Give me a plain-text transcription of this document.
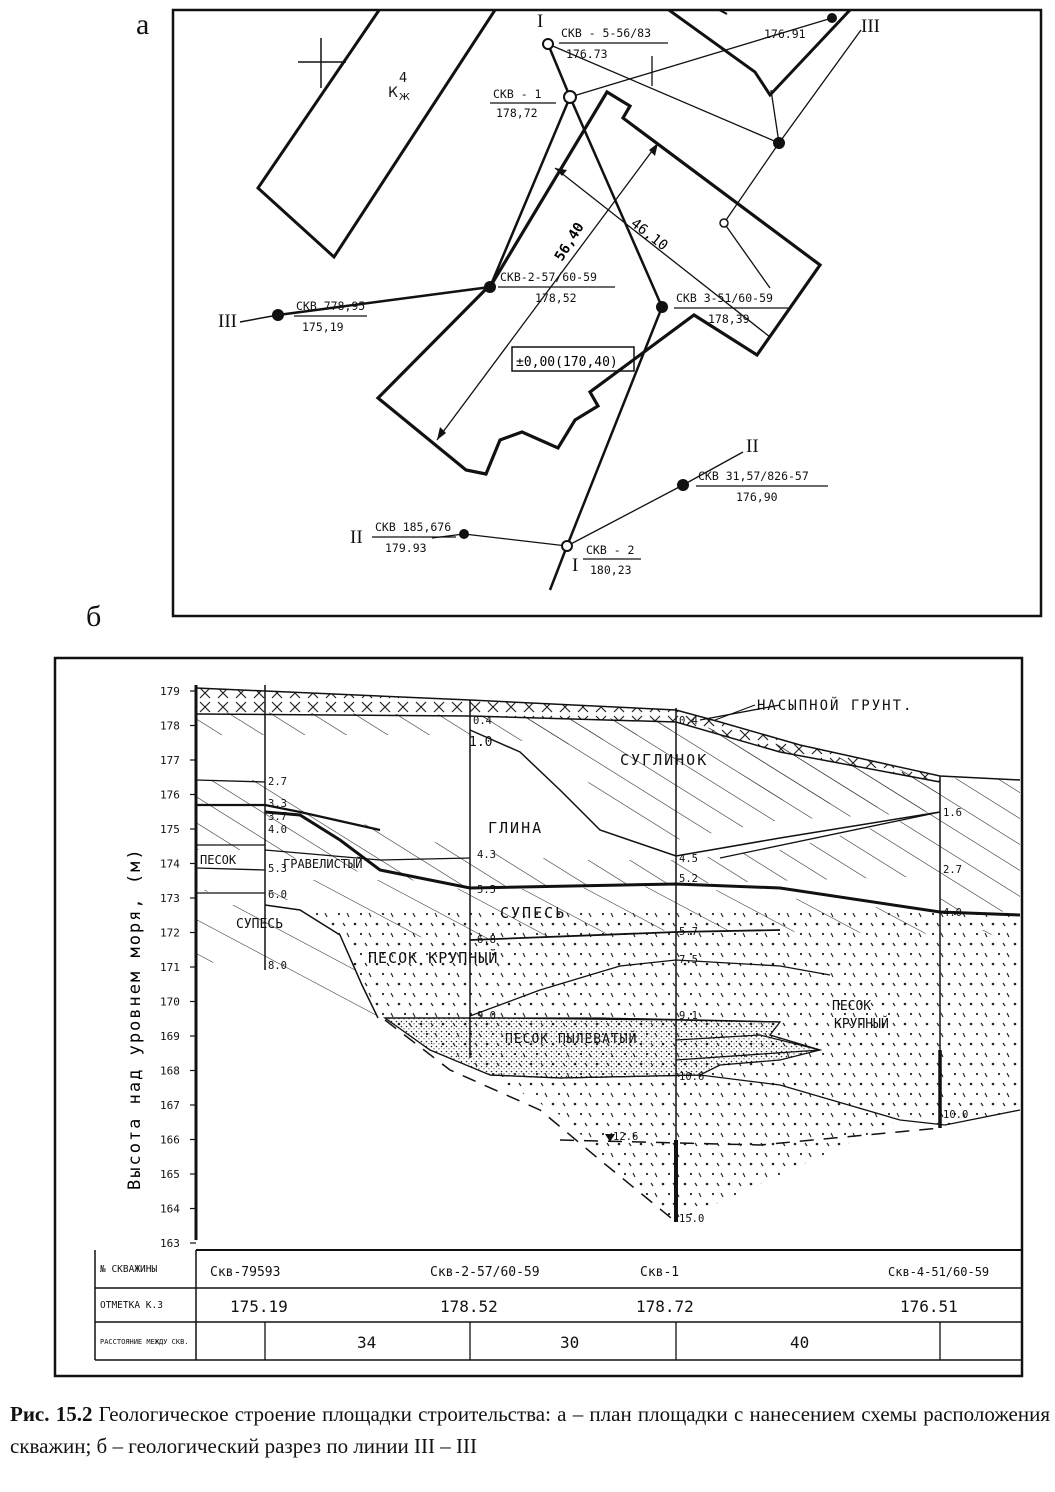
а
б
I
I
II
II
III
III
СКВ - 5-56/83
176.73
СКВ - 1
178,72
СКВ-2-57/60-59
178,52	СКВ 3-51/60-59
178,39
СКВ 778,95
175,19
СКВ 31,57/826-57
176,90
СКВ 185,676
179.93	СКВ - 2
180,23
176.91
К
4
Ж
56,40	46,10
±0,00(170,40)
179
178
177
176
175
174
173
172
171
170
169
168
167
166
165
164
163
Высота над уровнем моря, (м)
НАСЫПНОЙ ГРУНТ.
СУГЛИНОК
ГЛИНА
ПЕСОК	ГРАВЕЛИСТЫЙ
СУПЕСЬ
СУПЕСЬ
ПЕСОК КРУПНЫЙ
ПЕСОК ПЫЛЕВАТЫЙ
ПЕСОК
КРУПНЫЙ
2.7
3.3
3.7
4.0
5.3
6.0
8.0
0.4
1.0
4.3
5.5
6.8
9.0
0.4
4.5
5.2
5.7
7.5
9.1
10.6
12.6
15.0
1.6
2.7
4.0
10.0
№ СКВАЖИНЫ
ОТМЕТКА К.З
РАССТОЯНИЕ МЕЖДУ СКВ.
Скв-79593	Скв-2-57/60-59	Скв-1	Скв-4-51/60-59
175.19	178.52	178.72	176.51
34	30	40
Рис. 15.2 Геологическое строение площадки строительства: а – план площадки с нанесением схемы расположения скважин; б – геологический разрез по линии III – III
